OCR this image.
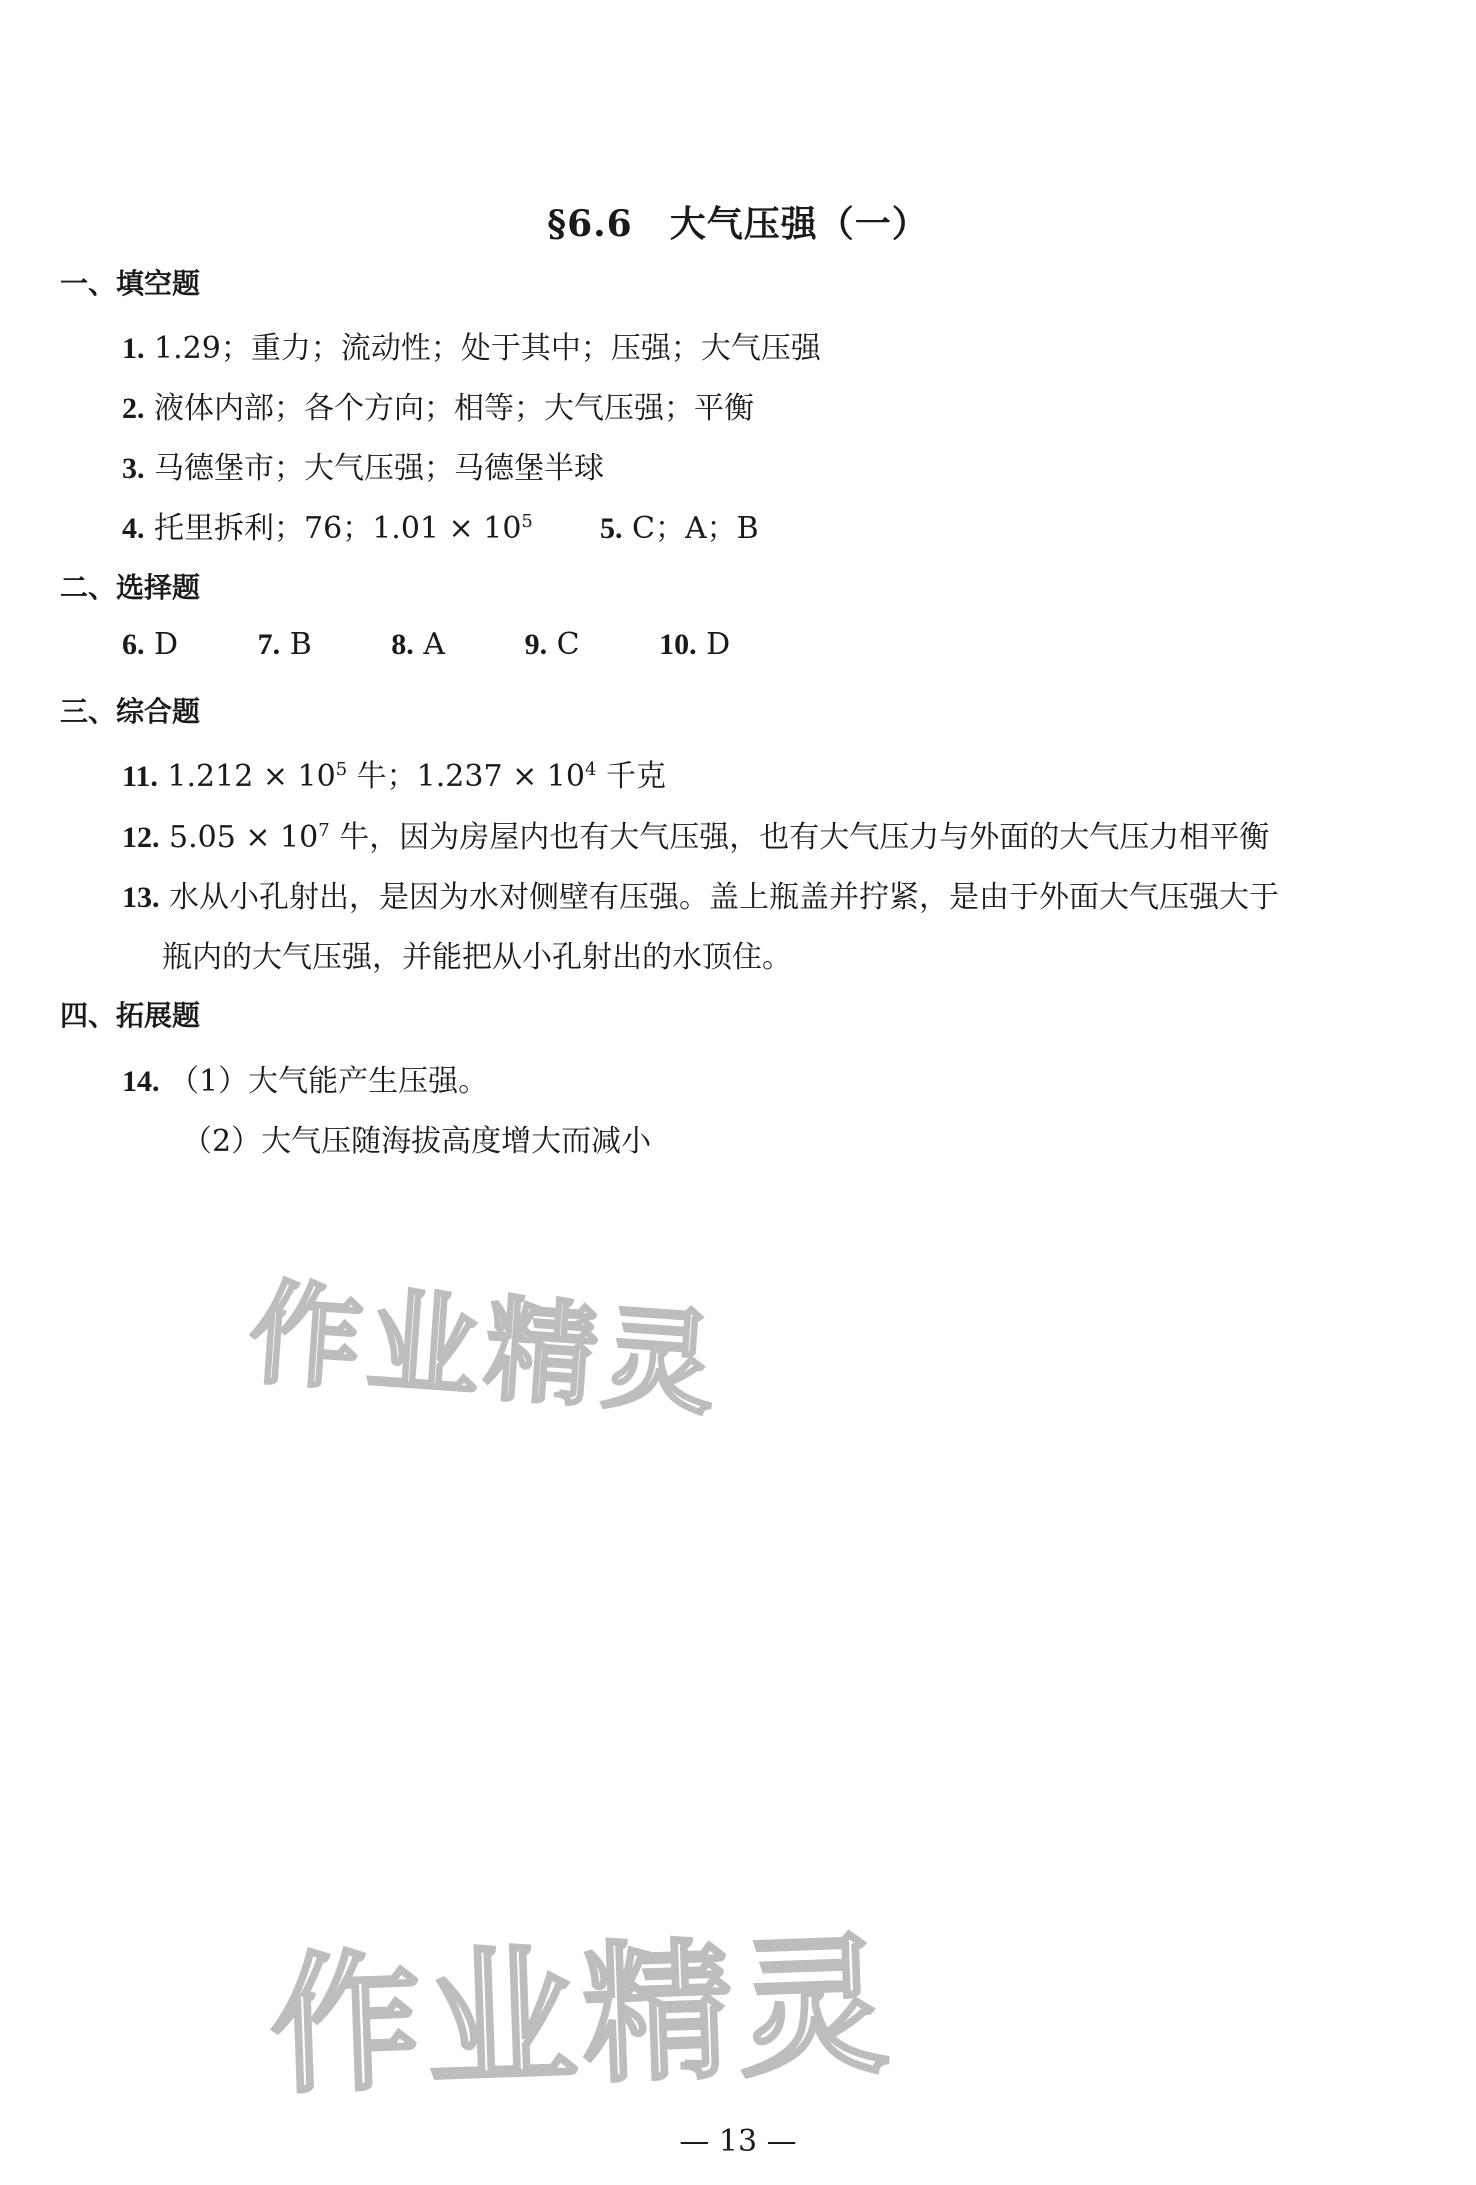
§6.6　大气压强（一）
一、填空题
1. 1.29；重力；流动性；处于其中；压强；大气压强
2. 液体内部；各个方向；相等；大气压强；平衡
3. 马德堡市；大气压强；马德堡半球
4. 托里拆利；76；$1.01 \times 10^5$ 5. C；A；B
二、选择题
6. D	7. B	8. A	9. C	10. D
三、综合题
11. $1.212 \times 10^5$ 牛；$1.237 \times 10^4$ 千克
12. $5.05 \times 10^7$ 牛，因为房屋内也有大气压强，也有大气压力与外面的大气压力相平衡
13. 水从小孔射出，是因为水对侧壁有压强。盖上瓶盖并拧紧，是由于外面大气压强大于
瓶内的大气压强，并能把从小孔射出的水顶住。
四、拓展题
14. （1）大气能产生压强。
（2）大气压随海拔高度增大而减小
作业精灵
作业精灵
— 13 —
